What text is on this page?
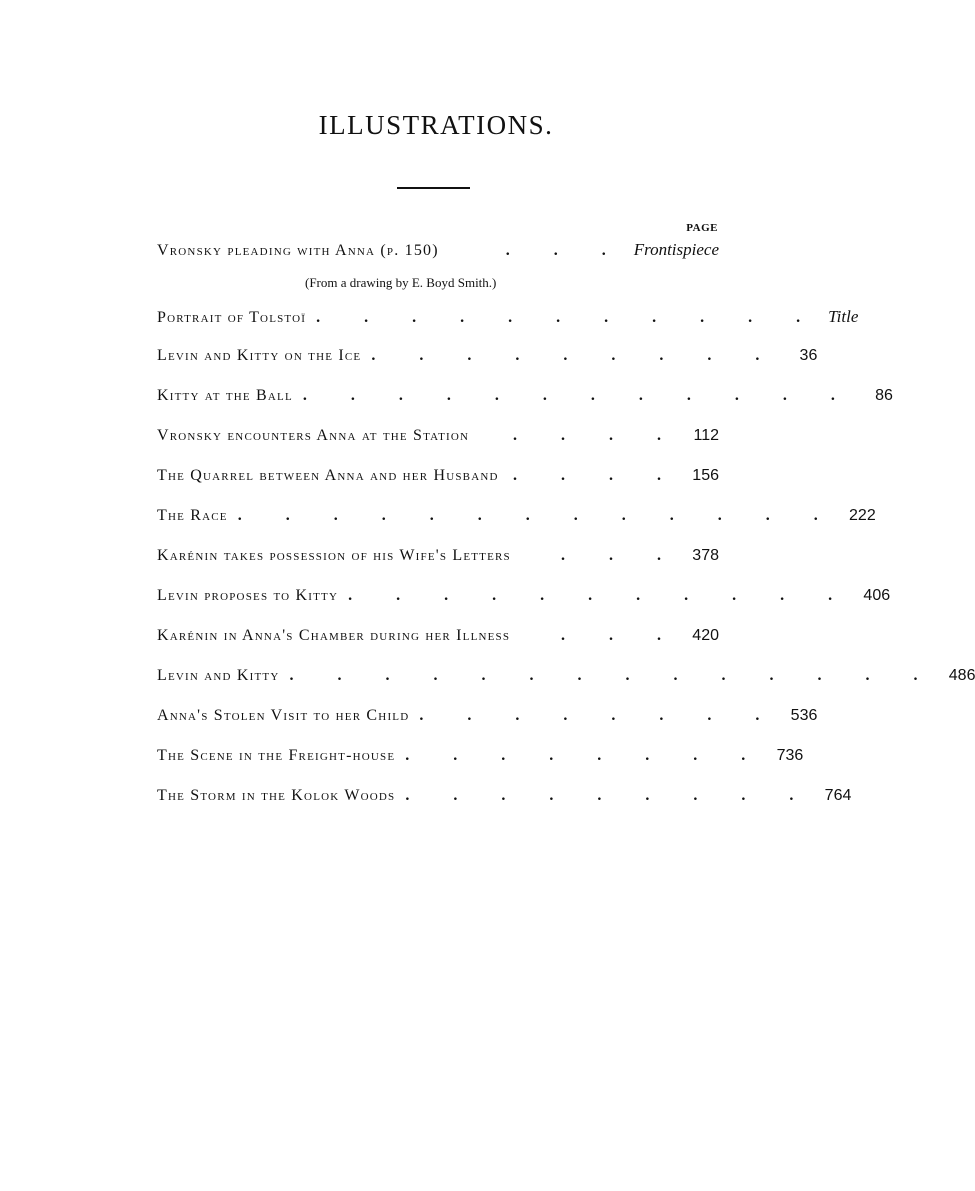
ILLUSTRATIONS.
PAGE
Vronsky pleading with Anna (p. 150)	. . . Frontispiece
(From a drawing by E. Boyd Smith.)
Portrait of Tolstoï . . . . . . . . . . . Title
Levin and Kitty on the Ice . . . . . . . . .	36
Kitty at the Ball . . . . . . . . . . . .	86
Vronsky encounters Anna at the Station	. . . . 112
The Quarrel between Anna and her Husband . . . . 156
The Race . . . . . . . . . . . . . 222
Karénin takes possession of his Wife's Letters	. . . 378
Levin proposes to Kitty . . . . . . . . . . . 406
Karénin in Anna's Chamber during her Illness	. . . 420
Levin and Kitty . . . . . . . . . . . . . . 486
Anna's Stolen Visit to her Child . . . . . . . . 536
The Scene in the Freight-house . . . . . . . . 736
The Storm in the Kolok Woods . . . . . . . . . 764
